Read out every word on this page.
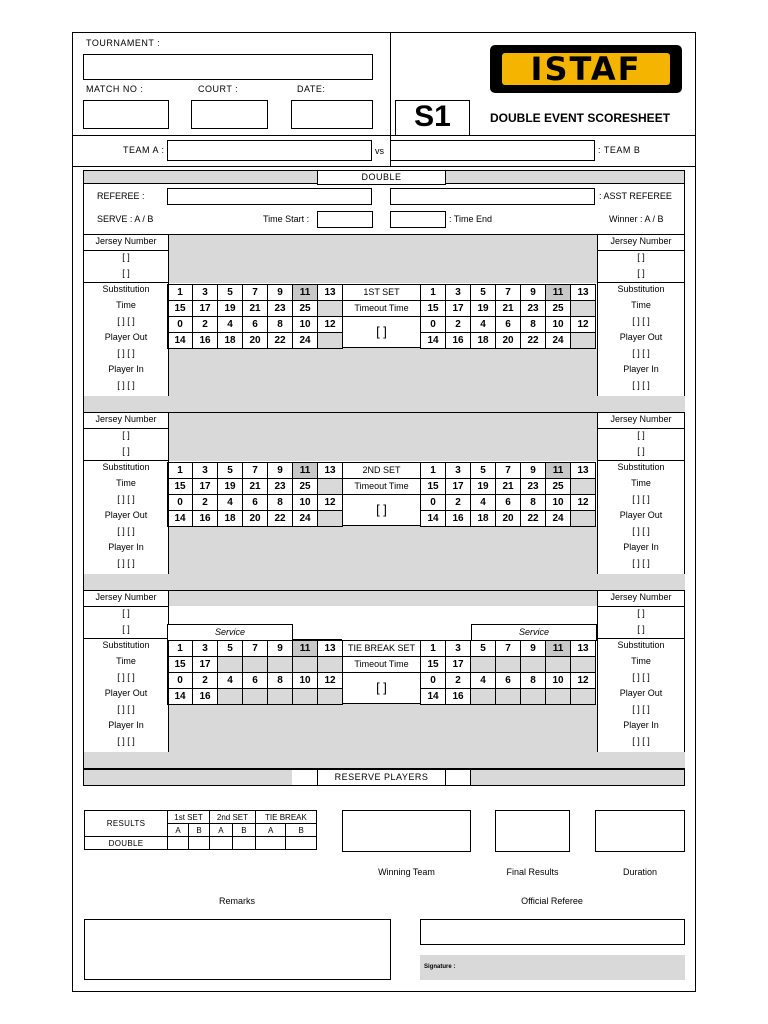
TOURNAMENT :
MATCH NO :	COURT :	DATE:
ISTAF
S1	DOUBLE EVENT SCORESHEET
TEAM A :	vs	: TEAM B
DOUBLE
REFEREE :	: ASST REFEREE
SERVE : A / B	Time Start :	: Time End	Winner : A / B
Jersey Number
[ ]
[ ]
Substitution
Time
[ ] [ ]
Player Out
[ ] [ ]
Player In
[ ] [ ]
Jersey Number
[ ]
[ ]
Substitution
Time
[ ] [ ]
Player Out
[ ] [ ]
Player In
[ ] [ ]
1	3	5	7	9	11	13
15	17	19	21	23	25
0	2	4	6	8	10	12
14	16	18	20	22	24
1	3	5	7	9	11	13
15	17	19	21	23	25
0	2	4	6	8	10	12
14	16	18	20	22	24
1ST SET
Timeout Time
[ ]
Jersey Number
[ ]
[ ]
Substitution
Time
[ ] [ ]
Player Out
[ ] [ ]
Player In
[ ] [ ]
Jersey Number
[ ]
[ ]
Substitution
Time
[ ] [ ]
Player Out
[ ] [ ]
Player In
[ ] [ ]
1	3	5	7	9	11	13
15	17	19	21	23	25
0	2	4	6	8	10	12
14	16	18	20	22	24
1	3	5	7	9	11	13
15	17	19	21	23	25
0	2	4	6	8	10	12
14	16	18	20	22	24
2ND SET
Timeout Time
[ ]
Jersey Number
[ ]
[ ]
Substitution
Time
[ ] [ ]
Player Out
[ ] [ ]
Player In
[ ] [ ]
Jersey Number
[ ]
[ ]
Substitution
Time
[ ] [ ]
Player Out
[ ] [ ]
Player In
[ ] [ ]
1	3	5	7	9	11	13
15	17
0	2	4	6	8	10	12
14	16
1	3	5	7	9	11	13
15	17
0	2	4	6	8	10	12
14	16
TIE BREAK SET
Timeout Time
[ ]
Service	Service
RESERVE PLAYERS
RESULTS	1st SET		2nd SET		TIE BREAK	
	A	B	A	B	A	B
DOUBLE						
Winning Team	Final Results	Duration
Remarks	Official Referee
Signature :
